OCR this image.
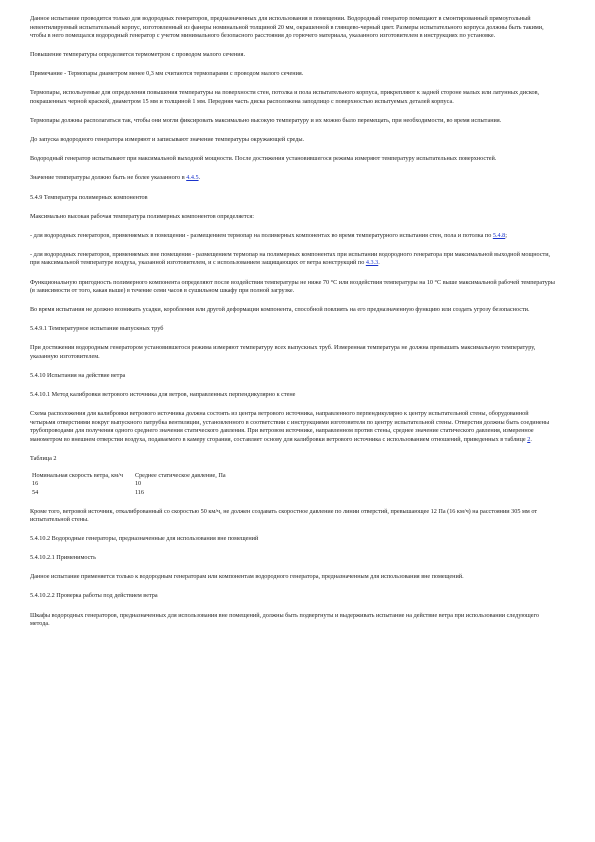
Данное испытание проводится только для водородных генераторов, предназначенных для использования в помещении. Водородный генератор помещают в смонтированный прямоугольный невентилируемый испытательный корпус, изготовленный из фанеры номинальной толщиной 20 мм, окрашенной в глянцево-черный цвет. Размеры испытательного корпуса должны быть такими, чтобы в него помещался водородный генератор с учетом минимального безопасного расстояния до горючего материала, указанного изготовителем в инструкциях по установке.

Повышение температуры определяется термометром с проводом малого сечения.

Примечание - Термопары диаметром менее 0,3 мм считаются термопарами с проводом малого сечения.

Термопары, используемые для определения повышения температуры на поверхности стен, потолка и пола испытательного корпуса, прикрепляют к задней стороне малых или латунных дисков, покрашенных черной краской, диаметром 15 мм и толщиной 1 мм. Передняя часть диска расположена заподлицо с поверхностью испытуемых деталей корпуса.

Термопары должны располагаться так, чтобы они могли фиксировать максимально высокую температуру и их можно было перемещать, при необходимости, во время испытания.

До запуска водородного генератора измеряют и записывают значение температуры окружающей среды.

Водородный генератор испытывают при максимальной выходной мощности. После достижения установившегося режима измеряют температуру испытательных поверхностей.

Значение температуры должно быть не более указанного в 4.4.5.

5.4.9 Температура полимерных компонентов

Максимально высокая рабочая температура полимерных компонентов определяется:

- для водородных генераторов, применяемых в помещении - размещением термопар на полимерных компонентах во время температурного испытания стен, пола и потолка по 5.4.8;

- для водородных генераторов, применяемых вне помещения - размещением термопар на полимерных компонентах при испытании водородного генератора при максимальной выходной мощности, при максимальной температуре воздуха, указанной изготовителем, и с использованием защищающих от ветра конструкций по 4.3.3.

Функциональную пригодность полимерного компонента определяют после воздействия температуры не ниже 70 °C или воздействия температуры на 10 °C выше максимальной рабочей температуры (в зависимости от того, какая выше) в течение семи часов в сушильном шкафу при полной загрузке.

Во время испытания не должно возникать усадки, коробления или другой деформации компонента, способной повлиять на его предназначенную функцию или создать угрозу безопасности.

5.4.9.1 Температурное испытание выпускных труб

При достижении водородным генератором установившегося режима измеряют температуру всех выпускных труб. Измеренная температура не должна превышать максимальную температуру, указанную изготовителем.

5.4.10 Испытания на действие ветра

5.4.10.1 Метод калибровки ветрового источника для ветров, направленных перпендикулярно к стене

Схема расположения для калибровки ветрового источника должна состоять из центра ветрового источника, направленного перпендикулярно к центру испытательной стены, оборудованной четырьмя отверстиями вокруг выпускного патрубка вентиляции, установленного в соответствии с инструкциями изготовителя по центру испытательной стены. Отверстия должны быть соединены трубопроводами для получения одного среднего значения статического давления. При ветровом источнике, направленном против стены, среднее значение статического давления, измеренное манометром во внешнем отверстии воздуха, подаваемого в камеру сгорания, составляет основу для калибровки ветрового источника с использованием отношений, приведенных в таблице 2.

Таблица 2

Номинальная скорость ветра, км/ч	Среднее статическое давление, Па
16	10
54	116

Кроме того, ветровой источник, откалиброванный со скоростью 50 км/ч, не должен создавать скоростное давление по линии отверстий, превышающее 12 Па (16 км/ч) на расстоянии 305 мм от испытательной стены.

5.4.10.2 Водородные генераторы, предназначенные для использования вне помещений

5.4.10.2.1 Применимость

Данное испытание применяется только к водородным генераторам или компонентам водородного генератора, предназначенным для использования вне помещений.

5.4.10.2.2 Проверка работы под действием ветра

Шкафы водородных генераторов, предназначенных для использования вне помещений, должны быть подвергнуты и выдерживать испытание на действие ветра при использовании следующего метода.
